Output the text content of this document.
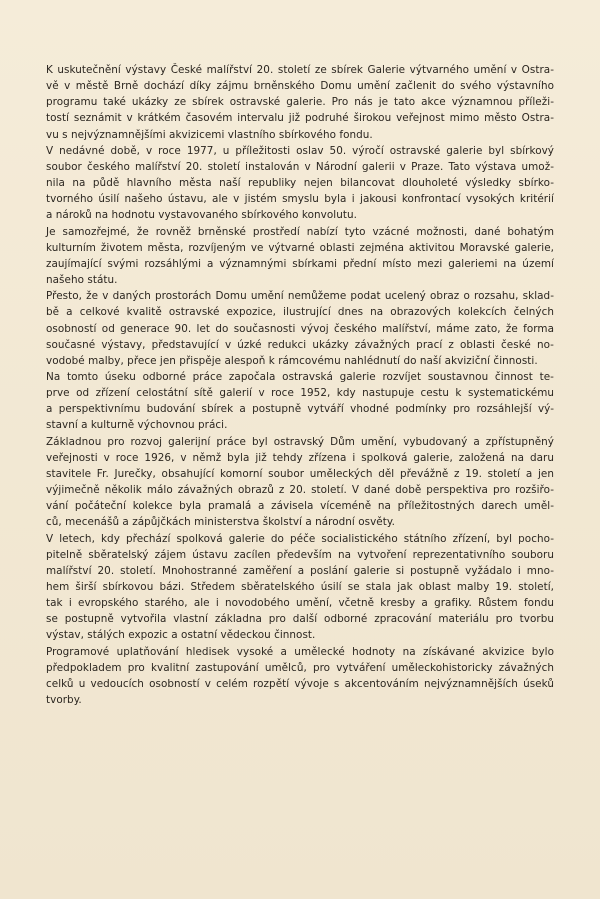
K uskutečnění výstavy České malířství 20. století ze sbírek Galerie výtvarného umění v Ostra-
vě v městě Brně dochází díky zájmu brněnského Domu umění začlenit do svého výstavního
programu také ukázky ze sbírek ostravské galerie. Pro nás je tato akce významnou příleži-
tostí seznámit v krátkém časovém intervalu již podruhé širokou veřejnost mimo město Ostra-
vu s nejvýznamnějšími akvizicemi vlastního sbírkového fondu.

V nedávné době, v roce 1977, u příležitosti oslav 50. výročí ostravské galerie byl sbírkový
soubor českého malířství 20. století instalován v Národní galerii v Praze. Tato výstava umož-
nila na půdě hlavního města naší republiky nejen bilancovat dlouholeté výsledky sbírko-
tvorného úsilí našeho ústavu, ale v jistém smyslu byla i jakousi konfrontací vysokých kritérií
a nároků na hodnotu vystavovaného sbírkového konvolutu.

Je samozřejmé, že rovněž brněnské prostředí nabízí tyto vzácné možnosti, dané bohatým
kulturním životem města, rozvíjeným ve výtvarné oblasti zejména aktivitou Moravské galerie,
zaujímající svými rozsáhlými a významnými sbírkami přední místo mezi galeriemi na území
našeho státu.

Přesto, že v daných prostorách Domu umění nemůžeme podat ucelený obraz o rozsahu, sklad-
bě a celkové kvalitě ostravské expozice, ilustrující dnes na obrazových kolekcích čelných
osobností od generace 90. let do současnosti vývoj českého malířství, máme zato, že forma
současné výstavy, představující v úzké redukci ukázky závažných prací z oblasti české no-
vodobé malby, přece jen přispěje alespoň k rámcovému nahlédnutí do naší akviziční činnosti.

Na tomto úseku odborné práce započala ostravská galerie rozvíjet soustavnou činnost te-
prve od zřízení celostátní sítě galerií v roce 1952, kdy nastupuje cestu k systematickému
a perspektivnímu budování sbírek a postupně vytváří vhodné podmínky pro rozsáhlejší vý-
stavní a kulturně výchovnou práci.

Základnou pro rozvoj galerijní práce byl ostravský Dům umění, vybudovaný a zpřístupněný
veřejnosti v roce 1926, v němž byla již tehdy zřízena i spolková galerie, založená na daru
stavitele Fr. Jurečky, obsahující komorní soubor uměleckých děl převážně z 19. století a jen
výjimečně několik málo závažných obrazů z 20. století. V dané době perspektiva pro rozšiřo-
vání počáteční kolekce byla pramalá a závisela víceméně na příležitostných darech uměl-
ců, mecenášů a zápůjčkách ministerstva školství a národní osvěty.

V letech, kdy přechází spolková galerie do péče socialistického státního zřízení, byl pocho-
pitelně sběratelský zájem ústavu zacílen především na vytvoření reprezentativního souboru
malířství 20. století. Mnohostranné zaměření a poslání galerie si postupně vyžádalo i mno-
hem širší sbírkovou bázi. Středem sběratelského úsilí se stala jak oblast malby 19. století,
tak i evropského starého, ale i novodobého umění, včetně kresby a grafiky. Růstem fondu
se postupně vytvořila vlastní základna pro další odborné zpracování materiálu pro tvorbu
výstav, stálých expozic a ostatní vědeckou činnost.

Programové uplatňování hledisek vysoké a umělecké hodnoty na získávané akvizice bylo
předpokladem pro kvalitní zastupování umělců, pro vytváření uměleckohistoricky závažných
celků u vedoucích osobností v celém rozpětí vývoje s akcentováním nejvýznamnějších úseků
tvorby.
